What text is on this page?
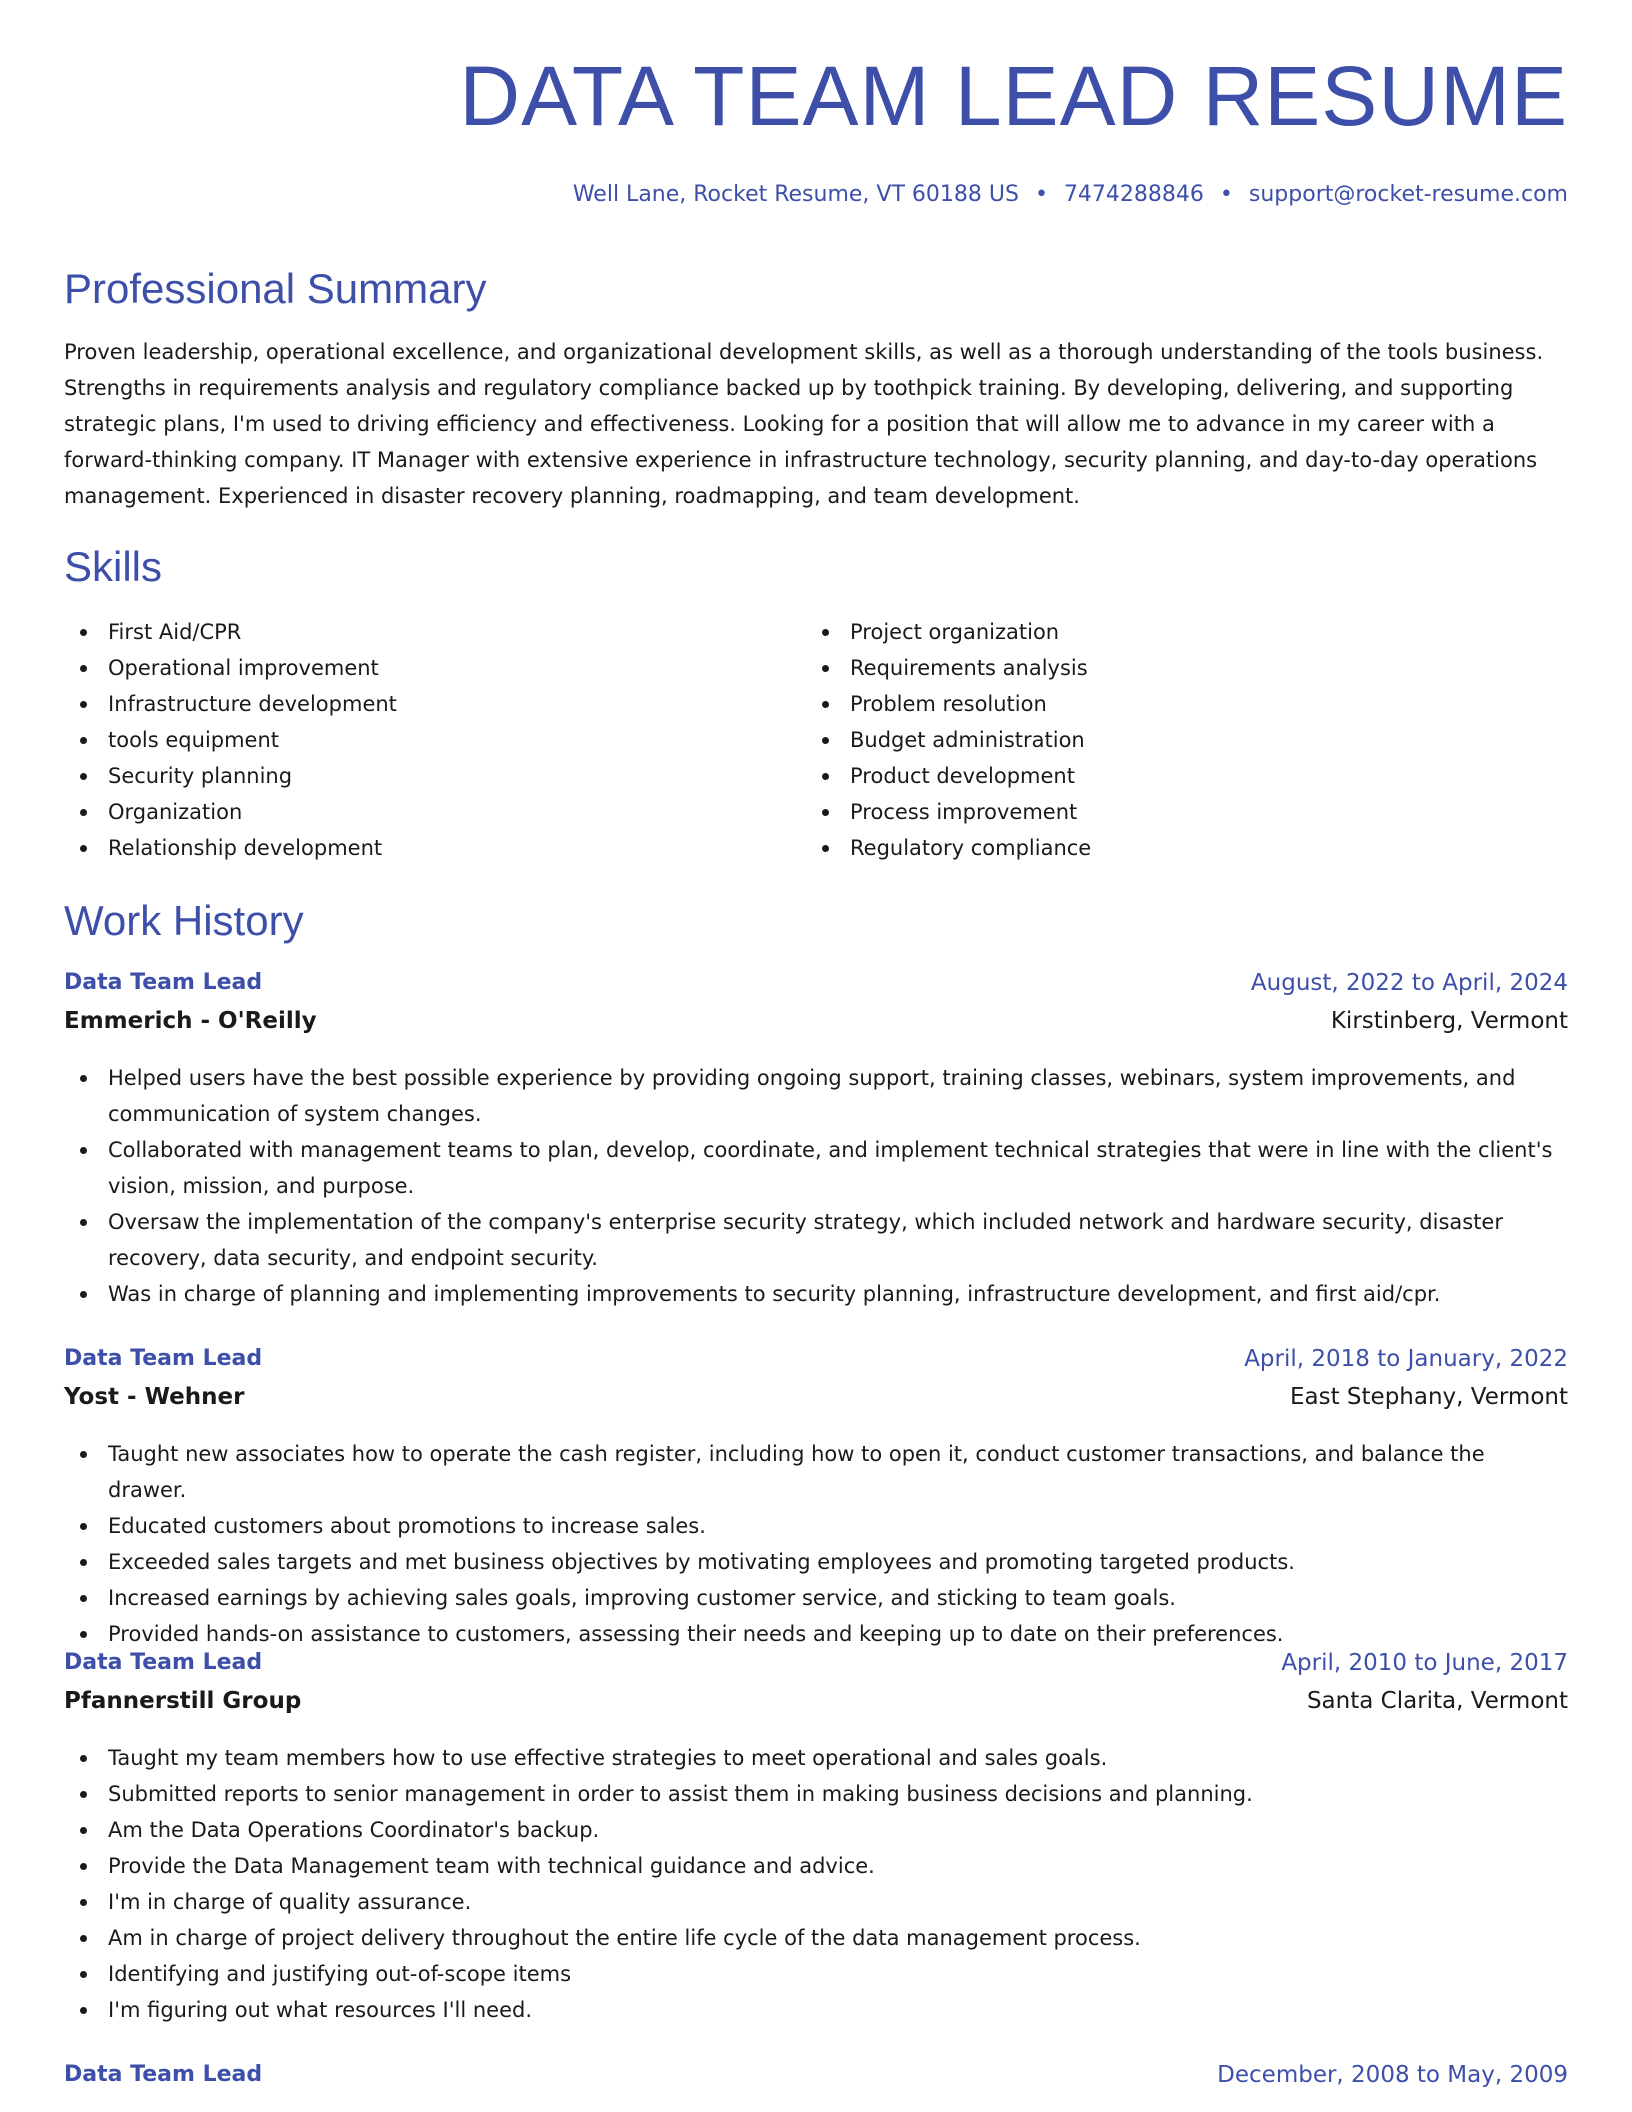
DATA TEAM LEAD RESUME
Well Lane, Rocket Resume, VT 60188 US • 7474288846 • support@rocket-resume.com
Professional Summary

Proven leadership, operational excellence, and organizational development skills, as well as a thorough understanding of the tools business. Strengths in requirements analysis and regulatory compliance backed up by toothpick training. By developing, delivering, and supporting strategic plans, I'm used to driving efficiency and effectiveness. Looking for a position that will allow me to advance in my career with a forward-thinking company. IT Manager with extensive experience in infrastructure technology, security planning, and day-to-day operations management. Experienced in disaster recovery planning, roadmapping, and team development.

Skills
First Aid/CPR
Operational improvement
Infrastructure development
tools equipment
Security planning
Organization
Relationship development
Project organization
Requirements analysis
Problem resolution
Budget administration
Product development
Process improvement
Regulatory compliance
Work History
Data Team Lead	August, 2022 to April, 2024
Emmerich - O'Reilly	Kirstinberg, Vermont
Helped users have the best possible experience by providing ongoing support, training classes, webinars, system improvements, and communication of system changes.
Collaborated with management teams to plan, develop, coordinate, and implement technical strategies that were in line with the client's vision, mission, and purpose.
Oversaw the implementation of the company's enterprise security strategy, which included network and hardware security, disaster recovery, data security, and endpoint security.
Was in charge of planning and implementing improvements to security planning, infrastructure development, and first aid/cpr.
Data Team Lead	April, 2018 to January, 2022
Yost - Wehner	East Stephany, Vermont
Taught new associates how to operate the cash register, including how to open it, conduct customer transactions, and balance the drawer.
Educated customers about promotions to increase sales.
Exceeded sales targets and met business objectives by motivating employees and promoting targeted products.
Increased earnings by achieving sales goals, improving customer service, and sticking to team goals.
Provided hands-on assistance to customers, assessing their needs and keeping up to date on their preferences.
Data Team Lead	April, 2010 to June, 2017
Pfannerstill Group	Santa Clarita, Vermont
Taught my team members how to use effective strategies to meet operational and sales goals.
Submitted reports to senior management in order to assist them in making business decisions and planning.
Am the Data Operations Coordinator's backup.
Provide the Data Management team with technical guidance and advice.
I'm in charge of quality assurance.
Am in charge of project delivery throughout the entire life cycle of the data management process.
Identifying and justifying out-of-scope items
I'm figuring out what resources I'll need.
Data Team Lead	December, 2008 to May, 2009
